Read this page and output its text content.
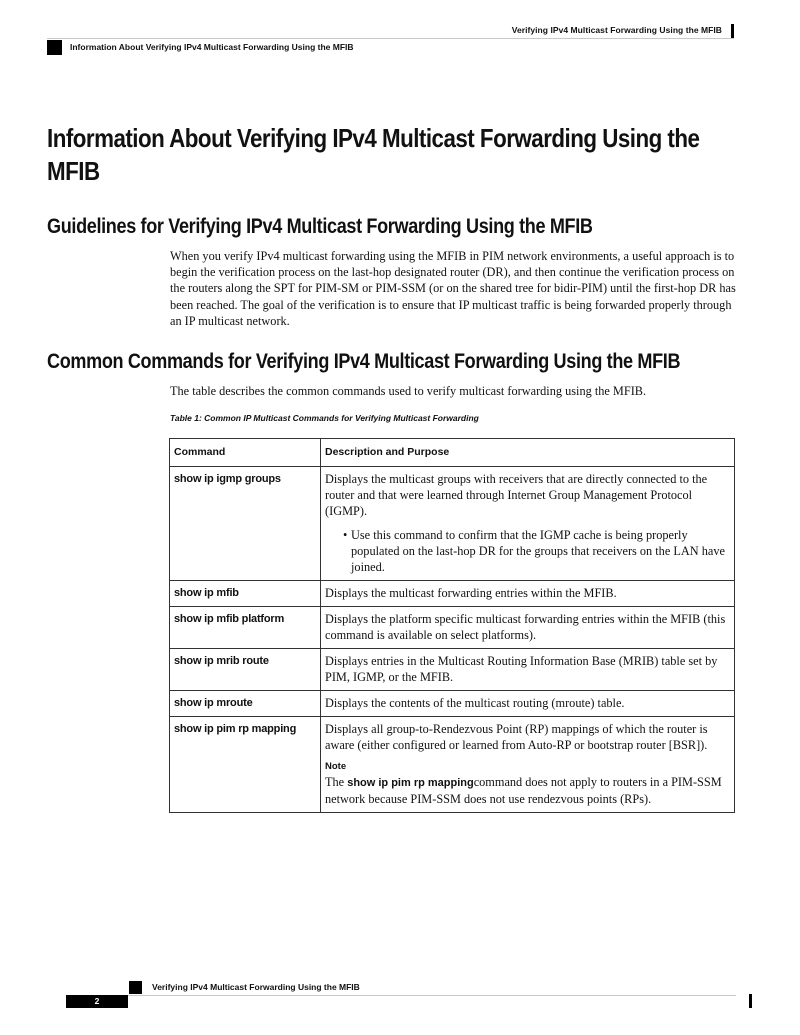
Verifying IPv4 Multicast Forwarding Using the MFIB
Information About Verifying IPv4 Multicast Forwarding Using the MFIB
Information About Verifying IPv4 Multicast Forwarding Using the MFIB
Guidelines for Verifying IPv4 Multicast Forwarding Using the MFIB
When you verify IPv4 multicast forwarding using the MFIB in PIM network environments, a useful approach is to begin the verification process on the last-hop designated router (DR), and then continue the verification process on the routers along the SPT for PIM-SM or PIM-SSM (or on the shared tree for bidir-PIM) until the first-hop DR has been reached. The goal of the verification is to ensure that IP multicast traffic is being forwarded properly through an IP multicast network.
Common Commands for Verifying IPv4 Multicast Forwarding Using the MFIB
The table describes the common commands used to verify multicast forwarding using the MFIB.
Table 1: Common IP Multicast Commands for Verifying Multicast Forwarding
Command	Description and Purpose
show ip igmp groups	Displays the multicast groups with receivers that are directly connected to the router and that were learned through Internet Group Management Protocol (IGMP).
• Use this command to confirm that the IGMP cache is being properly populated on the last-hop DR for the groups that receivers on the LAN have joined.

show ip mfib	Displays the multicast forwarding entries within the MFIB.
show ip mfib platform	Displays the platform specific multicast forwarding entries within the MFIB (this command is available on select platforms).
show ip mrib route	Displays entries in the Multicast Routing Information Base (MRIB) table set by PIM, IGMP, or the MFIB.
show ip mroute	Displays the contents of the multicast routing (mroute) table.
show ip pim rp mapping	Displays all group-to-Rendezvous Point (RP) mappings of which the router is aware (either configured or learned from Auto-RP or bootstrap router [BSR]).
Note
The show ip pim rp mappingcommand does not apply to routers in a PIM-SSM network because PIM-SSM does not use rendezvous points (RPs).
Verifying IPv4 Multicast Forwarding Using the MFIB
2
